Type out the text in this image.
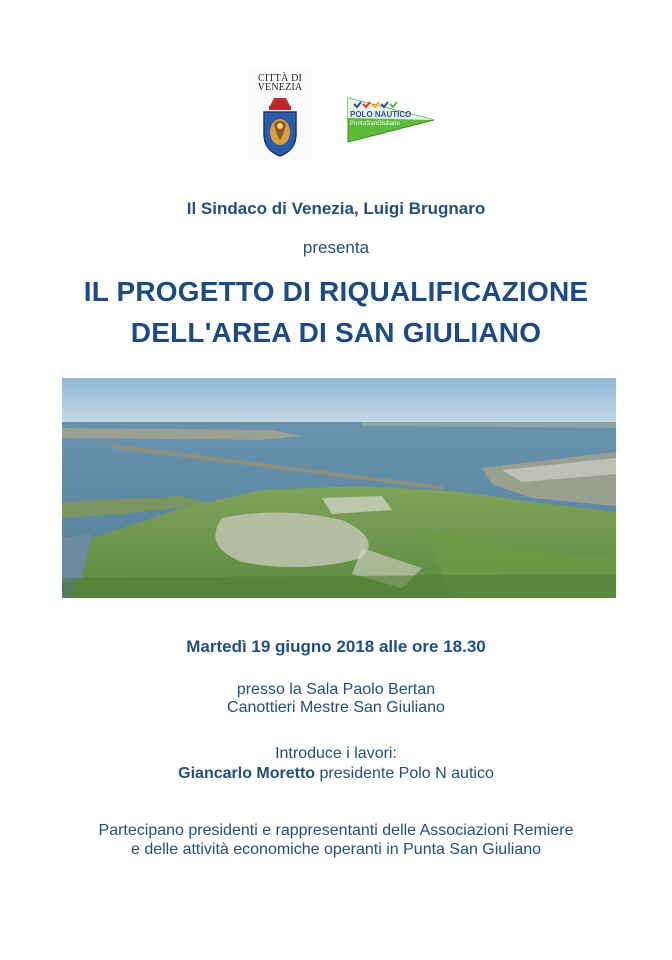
CITTÀ DI
VENEZIA
POLO NAUTICO
PuntaSanGiuliano
Il Sindaco di Venezia, Luigi Brugnaro
presenta
IL PROGETTO DI RIQUALIFICAZIONE
DELL'AREA DI SAN GIULIANO
Martedì 19 giugno 2018 alle ore 18.30
presso la Sala Paolo Bertan
Canottieri Mestre San Giuliano
Introduce i lavori:
Giancarlo Moretto presidente Polo N autico
Partecipano presidenti e rappresentanti delle Associazioni Remiere
e delle attività economiche operanti in Punta San Giuliano
